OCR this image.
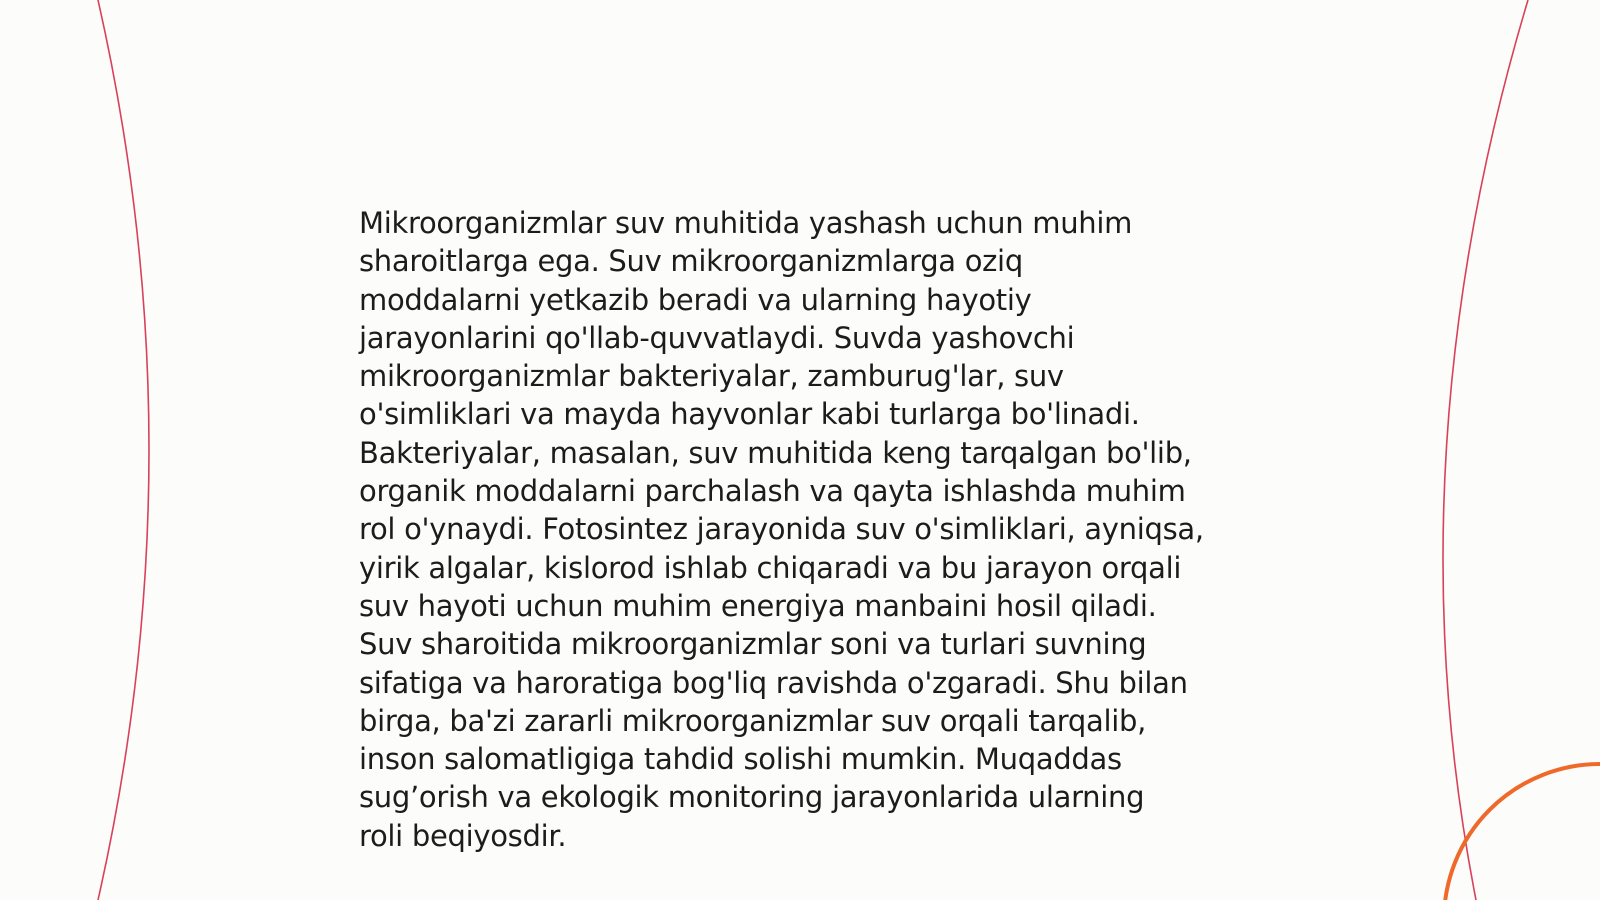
Mikroorganizmlar suv muhitida yashash uchun muhim
sharoitlarga ega. Suv mikroorganizmlarga oziq
moddalarni yetkazib beradi va ularning hayotiy
jarayonlarini qo'llab-quvvatlaydi. Suvda yashovchi
mikroorganizmlar bakteriyalar, zamburug'lar, suv
o'simliklari va mayda hayvonlar kabi turlarga bo'linadi.
Bakteriyalar, masalan, suv muhitida keng tarqalgan bo'lib,
organik moddalarni parchalash va qayta ishlashda muhim
rol o'ynaydi. Fotosintez jarayonida suv o'simliklari, ayniqsa,
yirik algalar, kislorod ishlab chiqaradi va bu jarayon orqali
suv hayoti uchun muhim energiya manbaini hosil qiladi.
Suv sharoitida mikroorganizmlar soni va turlari suvning
sifatiga va haroratiga bog'liq ravishda o'zgaradi. Shu bilan
birga, ba'zi zararli mikroorganizmlar suv orqali tarqalib,
inson salomatligiga tahdid solishi mumkin. Muqaddas
sug’orish va ekologik monitoring jarayonlarida ularning
roli beqiyosdir.
